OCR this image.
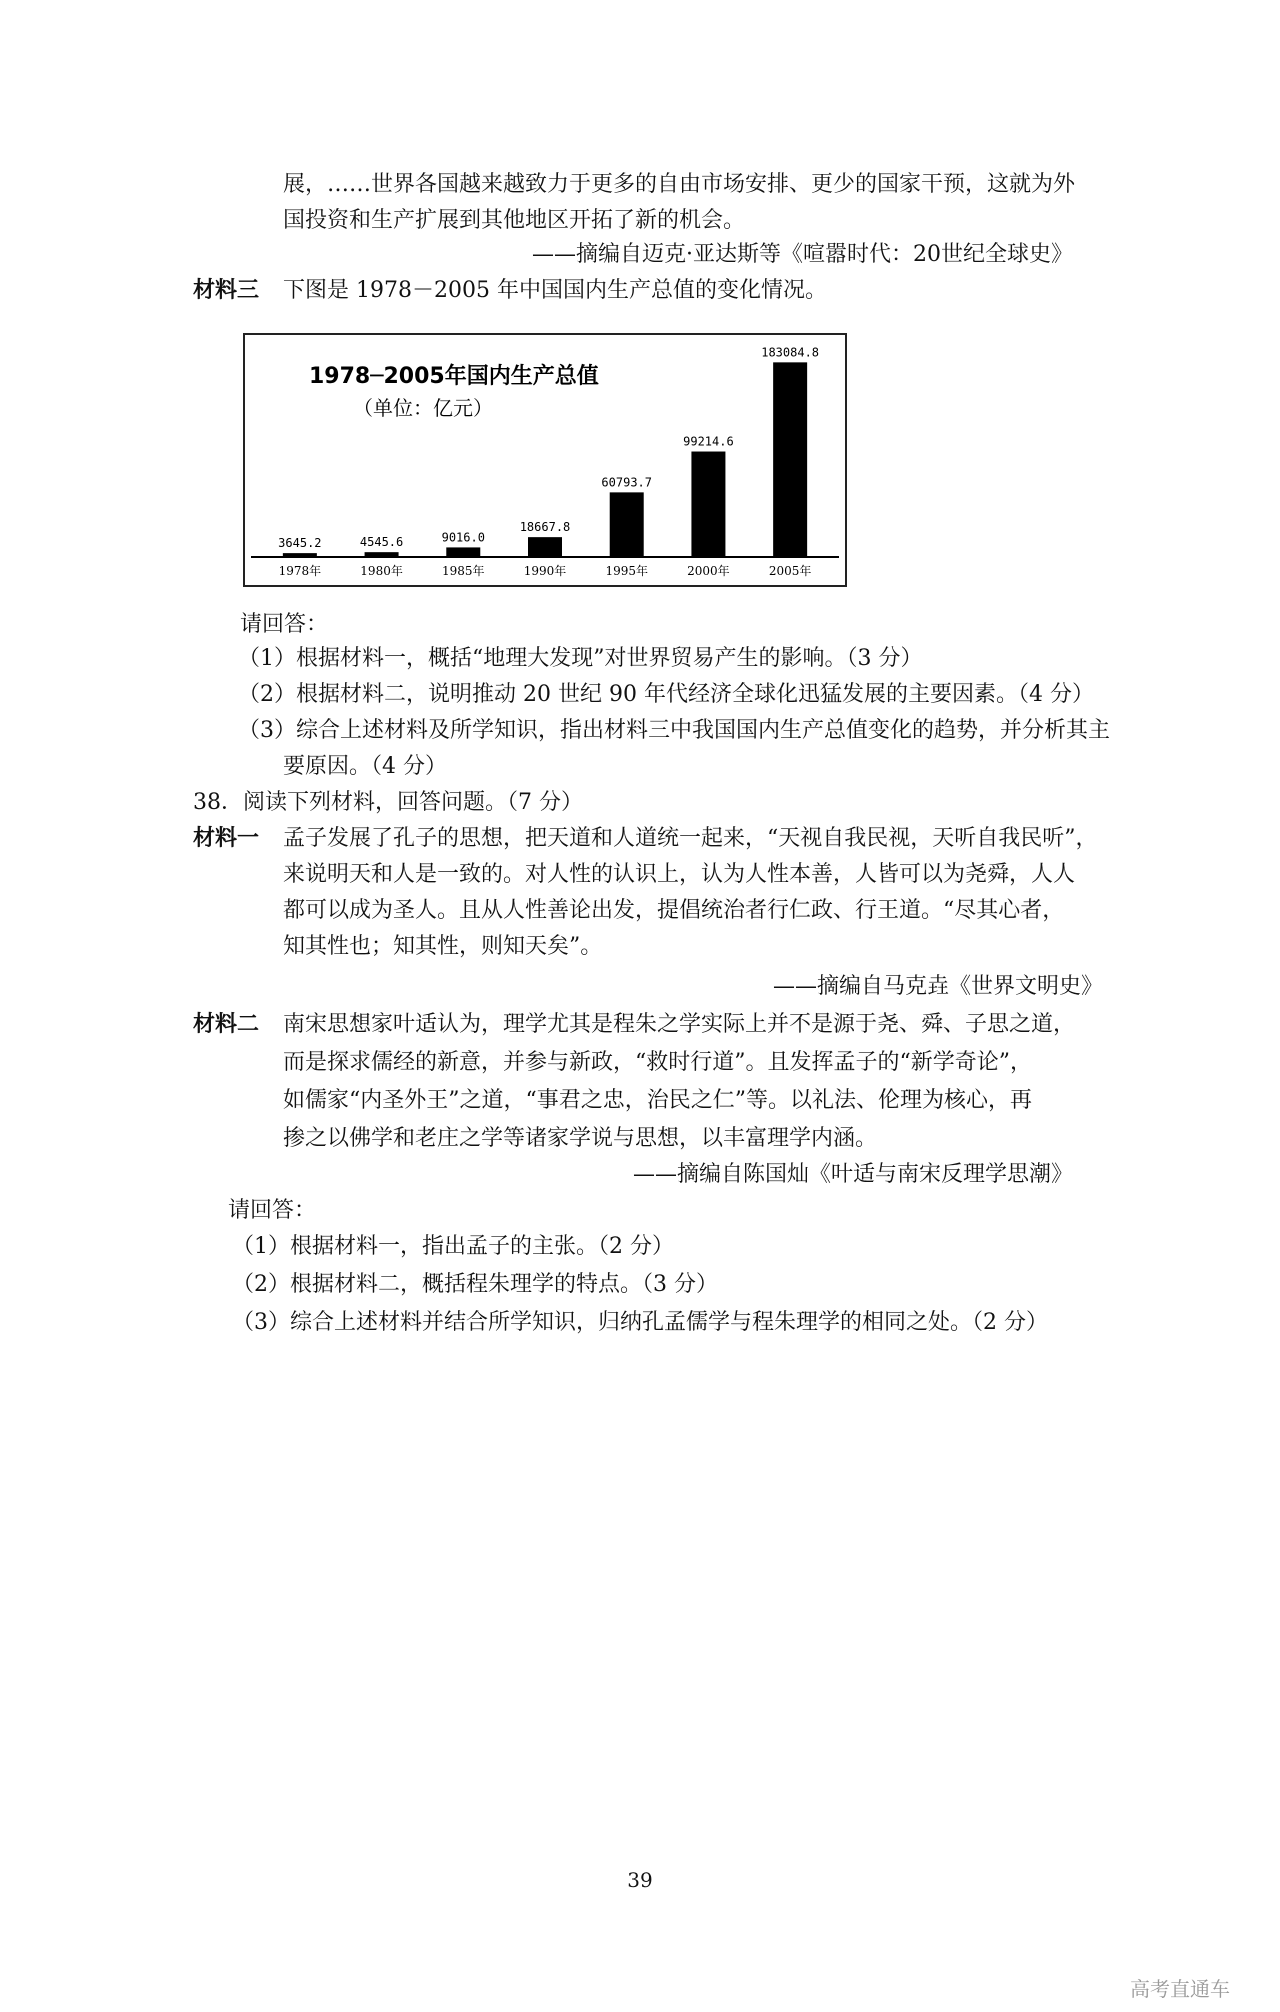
展，……世界各国越来越致力于更多的自由市场安排、更少的国家干预，这就为外
国投资和生产扩展到其他地区开拓了新的机会。
——摘编自迈克·亚达斯等《喧嚣时代：20世纪全球史》
材料三 下图是 1978－2005 年中国国内生产总值的变化情况。
1978─2005年国内生产总值
（单位：亿元）
3645.2
1978年
4545.6
1980年
9016.0
1985年
18667.8
1990年
60793.7
1995年
99214.6
2000年
183084.8
2005年
请回答：
（1）根据材料一，概括“地理大发现”对世界贸易产生的影响。（3 分）
（2）根据材料二，说明推动 20 世纪 90 年代经济全球化迅猛发展的主要因素。（4 分）
（3）综合上述材料及所学知识，指出材料三中我国国内生产总值变化的趋势，并分析其主
要原因。（4 分）
38．阅读下列材料，回答问题。（7 分）
材料一 孟子发展了孔子的思想，把天道和人道统一起来，“天视自我民视，天听自我民听”，
来说明天和人是一致的。对人性的认识上，认为人性本善，人皆可以为尧舜，人人
都可以成为圣人。且从人性善论出发，提倡统治者行仁政、行王道。“尽其心者，
知其性也；知其性，则知天矣”。
——摘编自马克垚《世界文明史》
材料二 南宋思想家叶适认为，理学尤其是程朱之学实际上并不是源于尧、舜、子思之道，
而是探求儒经的新意，并参与新政，“救时行道”。且发挥孟子的“新学奇论”，
如儒家“内圣外王”之道，“事君之忠，治民之仁”等。以礼法、伦理为核心，再
掺之以佛学和老庄之学等诸家学说与思想，以丰富理学内涵。
——摘编自陈国灿《叶适与南宋反理学思潮》
请回答：
（1）根据材料一，指出孟子的主张。（2 分）
（2）根据材料二，概括程朱理学的特点。（3 分）
（3）综合上述材料并结合所学知识，归纳孔孟儒学与程朱理学的相同之处。（2 分）
39
高考直通车
